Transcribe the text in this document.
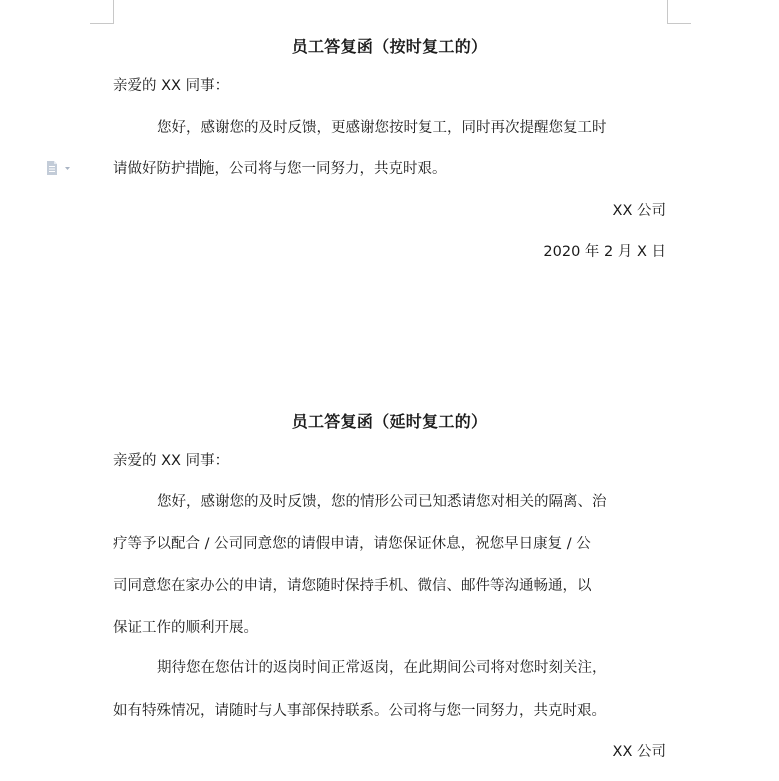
员工答复函（按时复工的）
亲爱的 XX 同事：
您好，感谢您的及时反馈，更感谢您按时复工，同时再次提醒您复工时
请做好防护措施，公司将与您一同努力，共克时艰。
XX 公司
2020 年 2 月 X 日
员工答复函（延时复工的）
亲爱的 XX 同事：
您好，感谢您的及时反馈，您的情形公司已知悉请您对相关的隔离、治
疗等予以配合 / 公司同意您的请假申请，请您保证休息，祝您早日康复 / 公
司同意您在家办公的申请，请您随时保持手机、微信、邮件等沟通畅通，以
保证工作的顺利开展。
期待您在您估计的返岗时间正常返岗，在此期间公司将对您时刻关注，
如有特殊情况，请随时与人事部保持联系。公司将与您一同努力，共克时艰。
XX 公司
